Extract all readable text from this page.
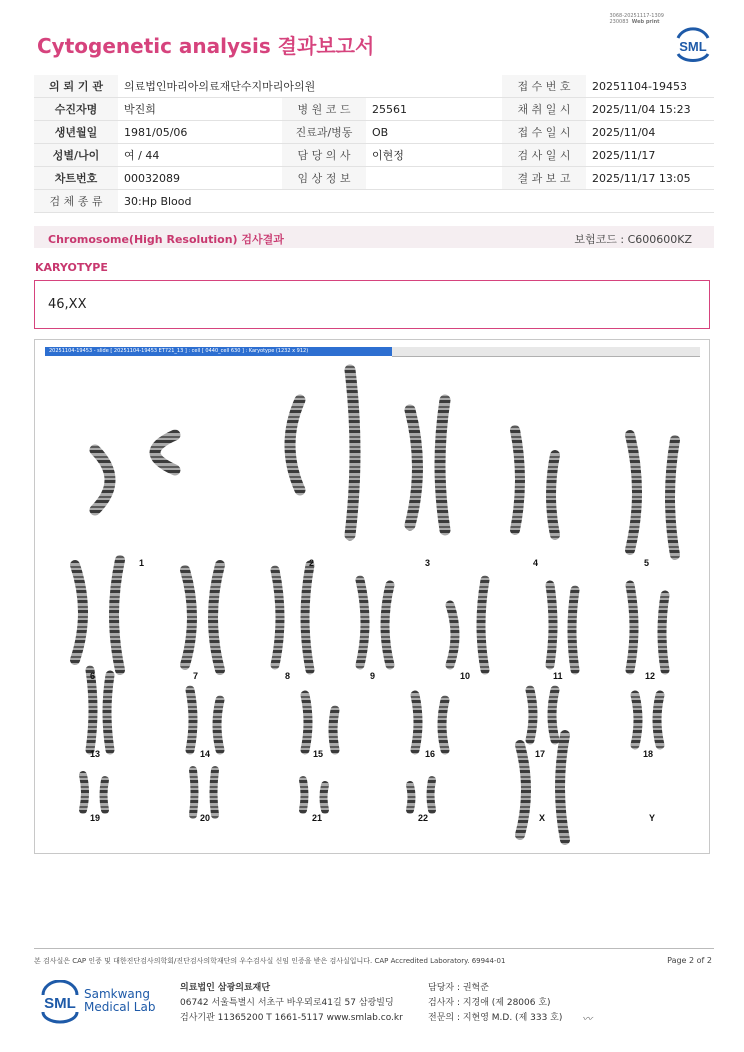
3068-20251117-1309
230083 Web print
Cytogenetic analysis 결과보고서	SML
의 뢰 기 관	의료법인마리아의료재단수지마리아의원			접 수 번 호	20251104-19453
수진자명	박진희	병 원 코 드	25561	채 취 일 시	2025/11/04 15:23
생년월일	1981/05/06	진료과/병동	OB	접 수 일 시	2025/11/04
성별/나이	여 / 44	담 당 의 사	이현정	검 사 일 시	2025/11/17
차트번호	00032089	임 상 정 보		결 과 보 고	2025/11/17 13:05
검 체 종 류	30:Hp Blood				
Chromosome(High Resolution) 검사결과	보험코드 : C600600KZ
KARYOTYPE
46,XX
20251104-19453 - slide [ 20251104-19453 ET721_13 ] : cell [ 0440_cell 630 ] : Karyotype (1232 x 912)
1	2	3	4	5
6	7	8	9	10	11	12
13	14	15	16	17	18
19	20	21	22	X	Y
본 검사실은 CAP 인증 및 대한진단검사의학회/진단검사의학재단의 우수검사실 신임 인증을 받은 검사실입니다. CAP Accredited Laboratory. 69944-01	Page 2 of 2
SML
Samkwang
Medical Lab
의료법인 삼광의료재단
06742 서울특별시 서초구 바우뫼로41길 57 삼광빌딩
검사기관 11365200 T 1661-5117 www.smlab.co.kr
담당자 : 권혁준
검사자 : 지경애 (제 28006 호)
전문의 : 지현영 M.D. (제 333 호) 〰
